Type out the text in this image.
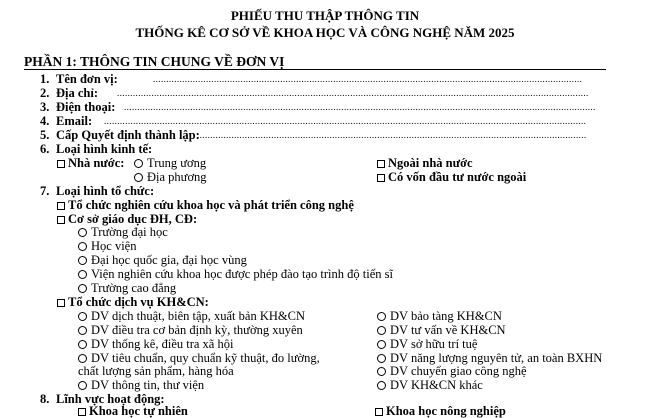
PHIẾU THU THẬP THÔNG TIN
THỐNG KÊ CƠ SỞ VỀ KHOA HỌC VÀ CÔNG NGHỆ NĂM 2025
PHẦN 1: THÔNG TIN CHUNG VỀ ĐƠN VỊ
1. Tên đơn vị:	..................................................................................................................................................................
2. Địa chỉ: ..................................................................................................................................................................................
3. Điện thoại: ..................................................................................................................................................................................
4. Email: ......................................................................................................................................................................................
5. Cấp Quyết định thành lập:
...................................................................................................................................................
6. Loại hình kinh tế:
Nhà nước:	Trung ương
Địa phương
Ngoài nhà nước
Có vốn đầu tư nước ngoài
7. Loại hình tổ chức:
Tổ chức nghiên cứu khoa học và phát triển công nghệ
Cơ sở giáo dục ĐH, CĐ:
Trường đại học
Học viện
Đại học quốc gia, đại học vùng
Viện nghiên cứu khoa học được phép đào tạo trình độ tiến sĩ
Trường cao đẳng
Tổ chức dịch vụ KH&CN:
DV dịch thuật, biên tập, xuất bản KH&CN
DV điều tra cơ bản định kỳ, thường xuyên
DV thống kê, điều tra xã hội
DV tiêu chuẩn, quy chuẩn kỹ thuật, đo lường,
chất lượng sản phẩm, hàng hóa
DV thông tin, thư viện
DV bảo tàng KH&CN
DV tư vấn về KH&CN
DV sở hữu trí tuệ
DV năng lượng nguyên tử, an toàn BXHN
DV chuyển giao công nghệ
DV KH&CN khác
8. Lĩnh vực hoạt động:
Khoa học tự nhiên	Khoa học nông nghiệp
